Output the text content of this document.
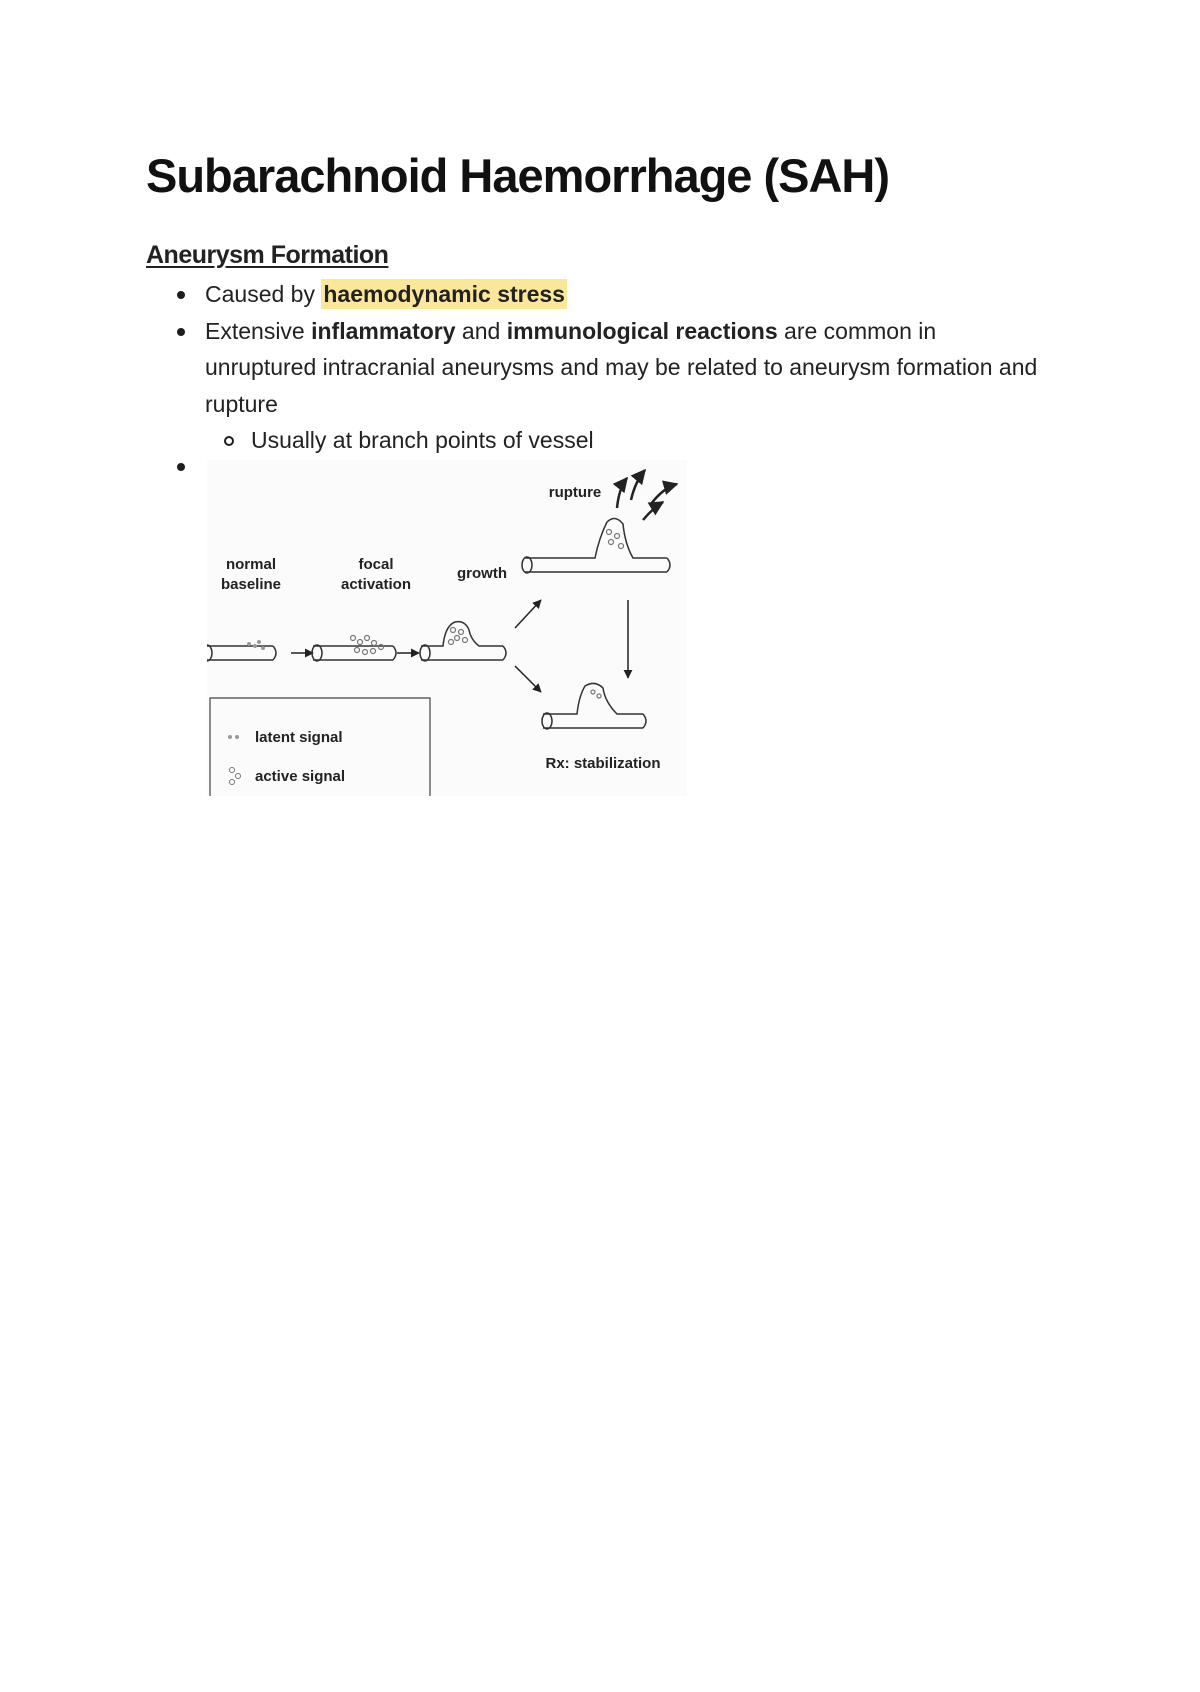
Subarachnoid Haemorrhage (SAH)
Aneurysm Formation
Caused by haemodynamic stress
Extensive inflammatory and immunological reactions are common in unruptured intracranial aneurysms and may be related to aneurysm formation and rupture
Usually at branch points of vessel
normal
baseline
focal
activation
growth
rupture
Rx: stabilization
latent signal
active signal
